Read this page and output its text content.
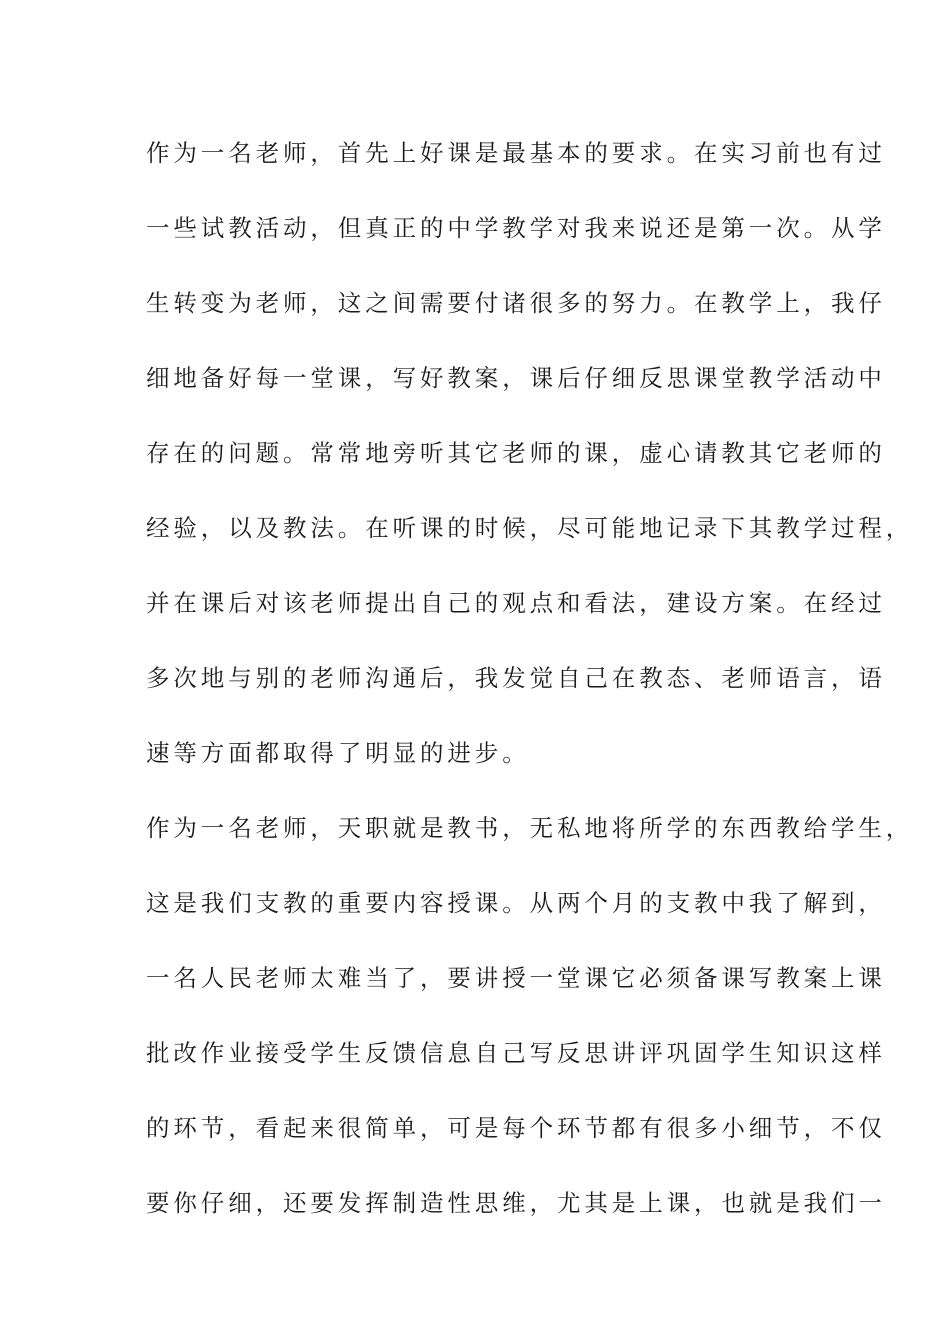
作为一名老师，首先上好课是最基本的要求。在实习前也有过
一些试教活动，但真正的中学教学对我来说还是第一次。从学
生转变为老师，这之间需要付诸很多的努力。在教学上，我仔
细地备好每一堂课，写好教案，课后仔细反思课堂教学活动中
存在的问题。常常地旁听其它老师的课，虚心请教其它老师的
经验，以及教法。在听课的时候，尽可能地记录下其教学过程，
并在课后对该老师提出自己的观点和看法，建设方案。在经过
多次地与别的老师沟通后，我发觉自己在教态、老师语言，语
速等方面都取得了明显的进步。
作为一名老师，天职就是教书，无私地将所学的东西教给学生，
这是我们支教的重要内容授课。从两个月的支教中我了解到，
一名人民老师太难当了，要讲授一堂课它必须备课写教案上课
批改作业接受学生反馈信息自己写反思讲评巩固学生知识这样
的环节，看起来很简单，可是每个环节都有很多小细节，不仅
要你仔细，还要发挥制造性思维，尤其是上课，也就是我们一
